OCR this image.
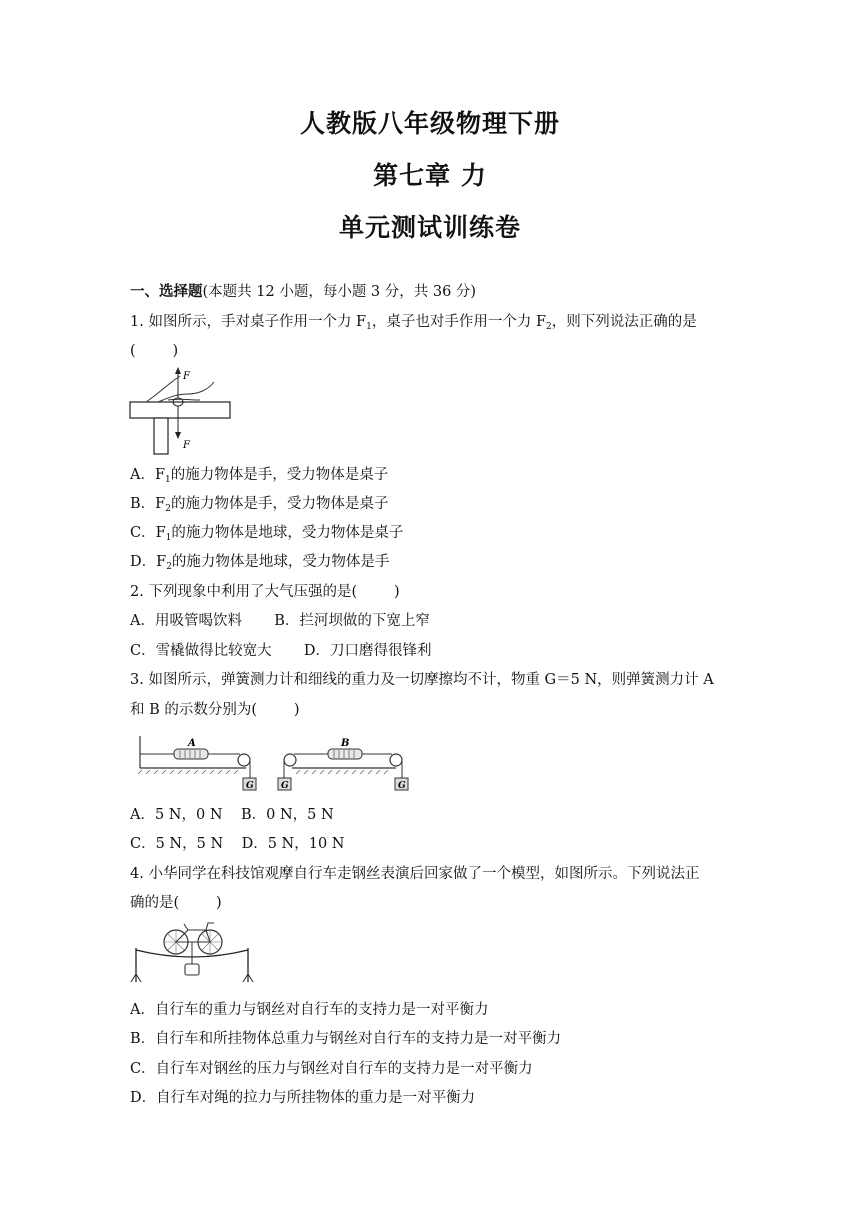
人教版八年级物理下册
第七章 力
单元测试训练卷
一、选择题(本题共 12 小题，每小题 3 分，共 36 分)
1. 如图所示，手对桌子作用一个力 $F_1$，桌子也对手作用一个力 $F_2$，则下列说法正确的是
(        )
F
F
A．$F_1$的施力物体是手，受力物体是桌子
B．$F_2$的施力物体是手，受力物体是桌子
C．$F_1$的施力物体是地球，受力物体是桌子
D．$F_2$的施力物体是地球，受力物体是手
2. 下列现象中利用了大气压强的是(        )
A．用吸管喝饮料       B．拦河坝做的下宽上窄
C．雪橇做得比较宽大       D．刀口磨得很锋利
3. 如图所示，弹簧测力计和细线的重力及一切摩擦均不计，物重 G＝5 N，则弹簧测力计 A
和 B 的示数分别为(        )
A
G	G
B
G
A．5 N，0 N    B．0 N，5 N
C．5 N，5 N    D．5 N，10 N
4. 小华同学在科技馆观摩自行车走钢丝表演后回家做了一个模型，如图所示。下列说法正
确的是(        )
A．自行车的重力与钢丝对自行车的支持力是一对平衡力
B．自行车和所挂物体总重力与钢丝对自行车的支持力是一对平衡力
C．自行车对钢丝的压力与钢丝对自行车的支持力是一对平衡力
D．自行车对绳的拉力与所挂物体的重力是一对平衡力
